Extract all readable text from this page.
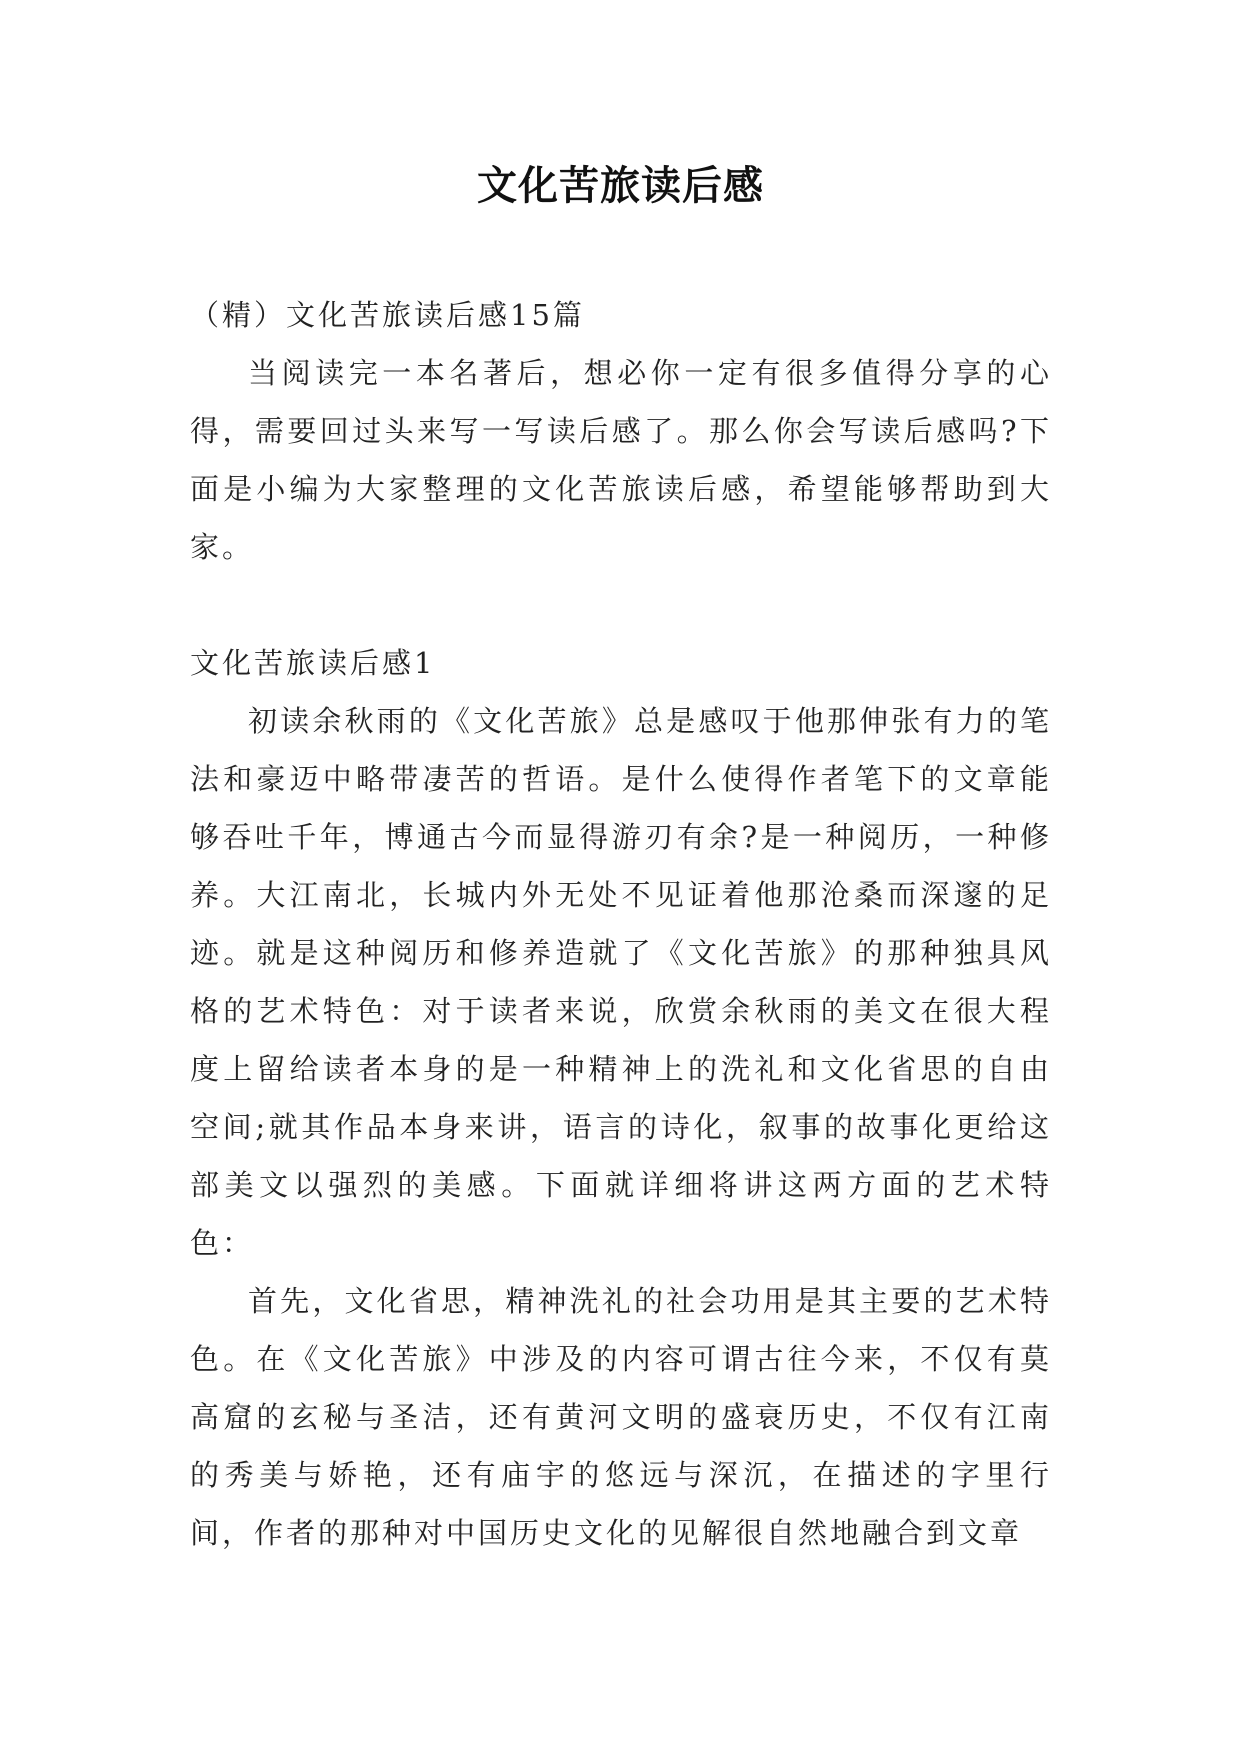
文化苦旅读后感

（精）文化苦旅读后感15篇

当阅读完一本名著后，想必你一定有很多值得分享的心得，需要回过头来写一写读后感了。那么你会写读后感吗?下面是小编为大家整理的文化苦旅读后感，希望能够帮助到大家。

文化苦旅读后感1

初读余秋雨的《文化苦旅》总是感叹于他那伸张有力的笔法和豪迈中略带凄苦的哲语。是什么使得作者笔下的文章能够吞吐千年，博通古今而显得游刃有余?是一种阅历，一种修养。大江南北，长城内外无处不见证着他那沧桑而深邃的足迹。就是这种阅历和修养造就了《文化苦旅》的那种独具风格的艺术特色：对于读者来说，欣赏余秋雨的美文在很大程度上留给读者本身的是一种精神上的洗礼和文化省思的自由空间;就其作品本身来讲，语言的诗化，叙事的故事化更给这部美文以强烈的美感。下面就详细将讲这两方面的艺术特色：

首先，文化省思，精神洗礼的社会功用是其主要的艺术特色。在《文化苦旅》中涉及的内容可谓古往今来，不仅有莫高窟的玄秘与圣洁，还有黄河文明的盛衰历史，不仅有江南的秀美与娇艳，还有庙宇的悠远与深沉，在描述的字里行间，作者的那种对中国历史文化的见解很自然地融合到文章
